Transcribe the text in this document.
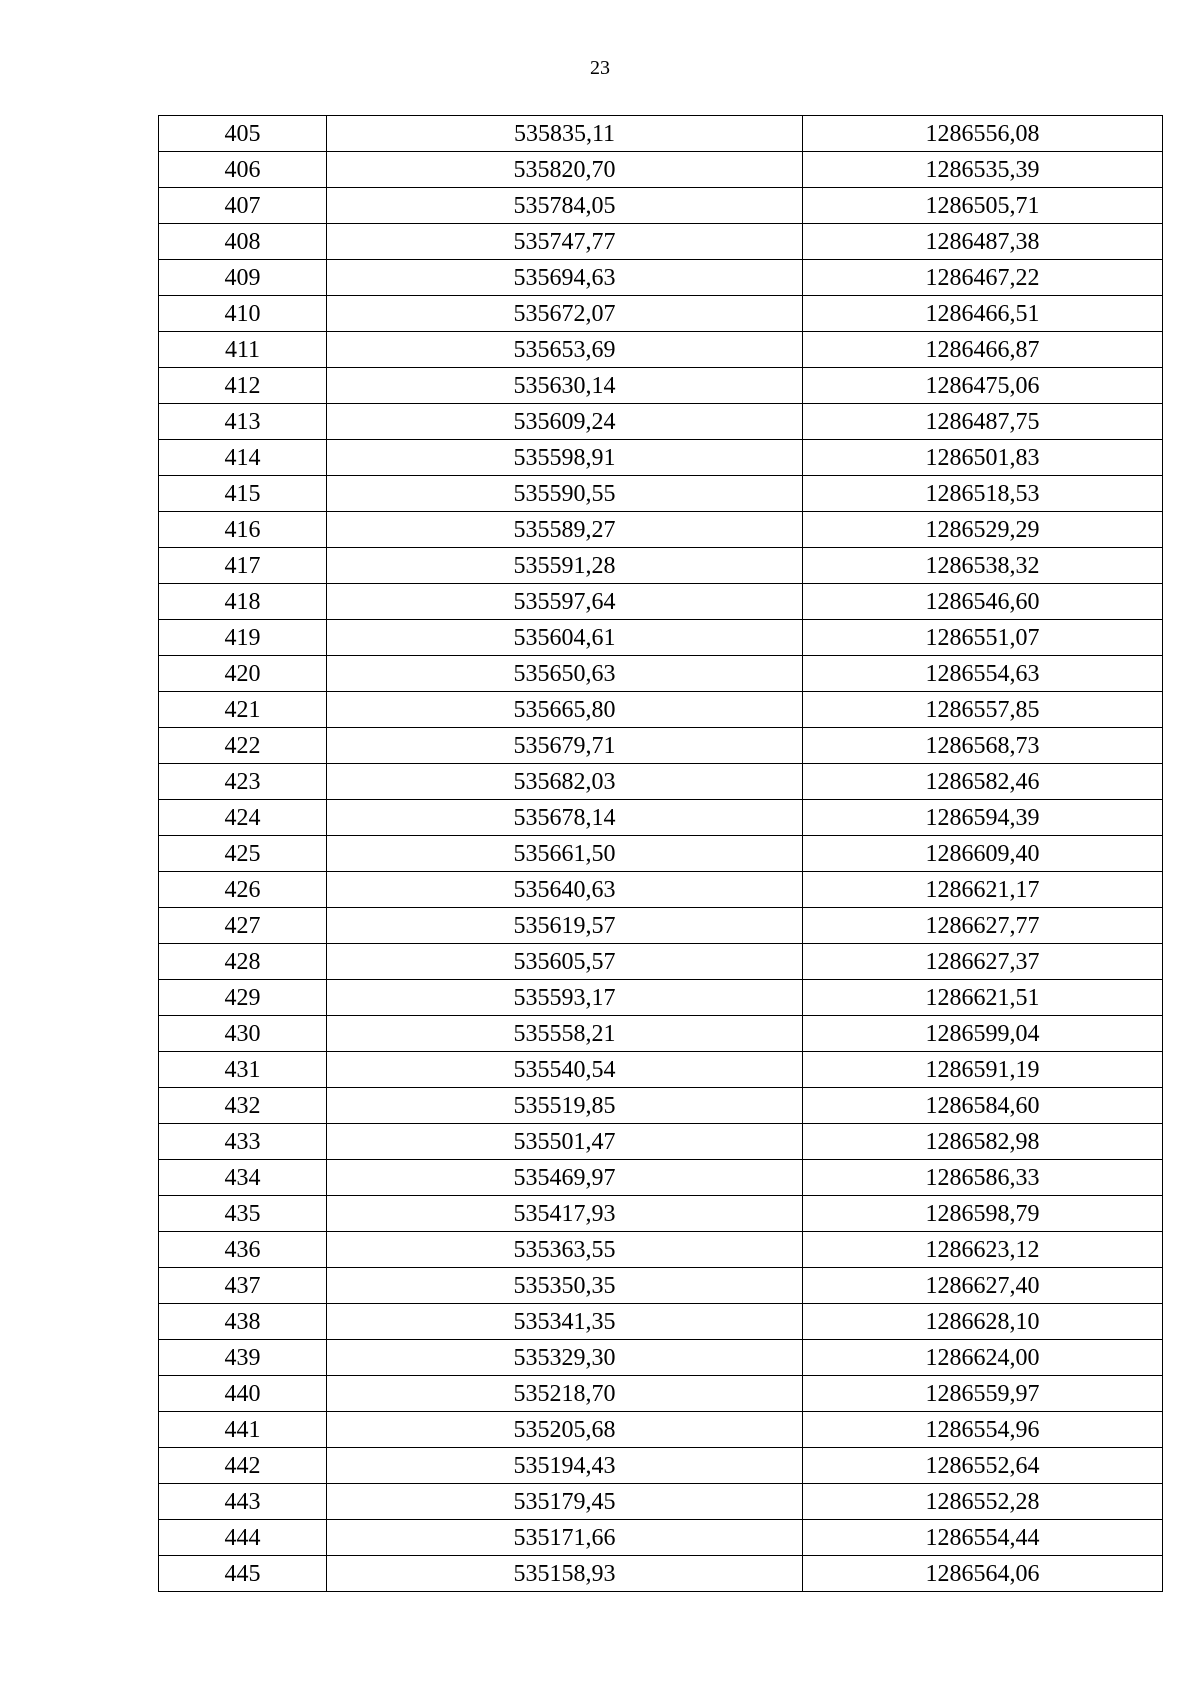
23
405	535835,11	1286556,08
406	535820,70	1286535,39
407	535784,05	1286505,71
408	535747,77	1286487,38
409	535694,63	1286467,22
410	535672,07	1286466,51
411	535653,69	1286466,87
412	535630,14	1286475,06
413	535609,24	1286487,75
414	535598,91	1286501,83
415	535590,55	1286518,53
416	535589,27	1286529,29
417	535591,28	1286538,32
418	535597,64	1286546,60
419	535604,61	1286551,07
420	535650,63	1286554,63
421	535665,80	1286557,85
422	535679,71	1286568,73
423	535682,03	1286582,46
424	535678,14	1286594,39
425	535661,50	1286609,40
426	535640,63	1286621,17
427	535619,57	1286627,77
428	535605,57	1286627,37
429	535593,17	1286621,51
430	535558,21	1286599,04
431	535540,54	1286591,19
432	535519,85	1286584,60
433	535501,47	1286582,98
434	535469,97	1286586,33
435	535417,93	1286598,79
436	535363,55	1286623,12
437	535350,35	1286627,40
438	535341,35	1286628,10
439	535329,30	1286624,00
440	535218,70	1286559,97
441	535205,68	1286554,96
442	535194,43	1286552,64
443	535179,45	1286552,28
444	535171,66	1286554,44
445	535158,93	1286564,06
